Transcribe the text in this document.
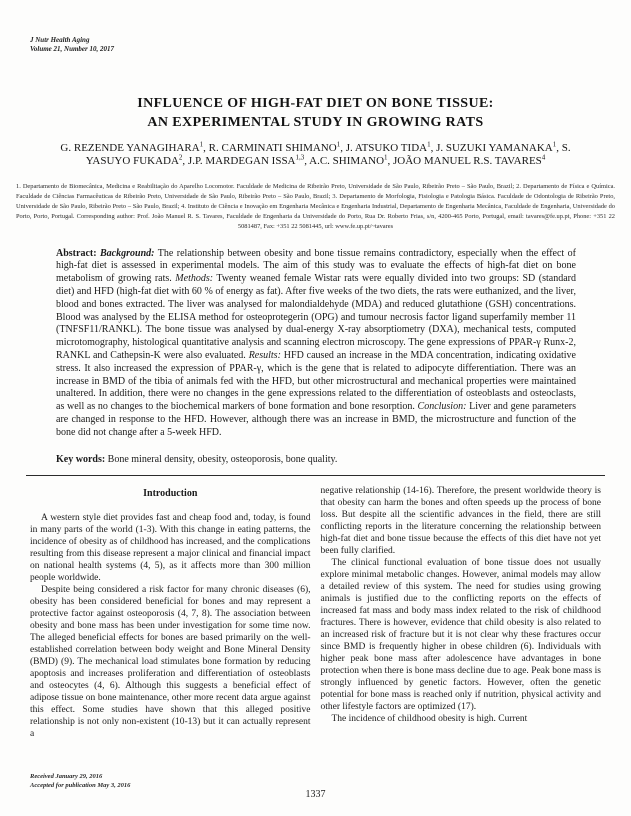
J Nutr Health Aging
Volume 21, Number 10, 2017
INFLUENCE OF HIGH-FAT DIET ON BONE TISSUE:
AN EXPERIMENTAL STUDY IN GROWING RATS
G. REZENDE YANAGIHARA$^1$, R. CARMINATI SHIMANO$^1$, J. ATSUKO TIDA$^1$, J. SUZUKI YAMANAKA$^1$, S. YASUYO FUKADA$^2$, J.P. MARDEGAN ISSA$^{1,3}$, A.C. SHIMANO$^1$, JOÃO MANUEL R.S. TAVARES$^4$
1. Departamento de Biomecânica, Medicina e Reabilitação do Aparelho Locomotor. Faculdade de Medicina de Ribeirão Preto, Universidade de São Paulo, Ribeirão Preto – São Paulo, Brazil; 2. Departamento de Física e Química. Faculdade de Ciências Farmacêuticas de Ribeirão Preto, Universidade de São Paulo, Ribeirão Preto – São Paulo, Brazil; 3. Departamento de Morfologia, Fisiologia e Patologia Básica. Faculdade de Odontologia de Ribeirão Preto, Universidade de São Paulo, Ribeirão Preto – São Paulo, Brazil; 4. Instituto de Ciência e Inovação em Engenharia Mecânica e Engenharia Industrial, Departamento de Engenharia Mecânica, Faculdade de Engenharia, Universidade do Porto, Porto, Portugal. Corresponding author: Prof. João Manuel R. S. Tavares, Faculdade de Engenharia da Universidade do Porto, Rua Dr. Roberto Frias, s/n, 4200-465 Porto, Portugal, email: tavares@fe.up.pt, Phone: +351 22 5081487, Fax: +351 22 5081445, url: www.fe.up.pt/~tavares
Abstract: Background: The relationship between obesity and bone tissue remains contradictory, especially when the effect of high-fat diet is assessed in experimental models. The aim of this study was to evaluate the effects of high-fat diet on bone metabolism of growing rats. Methods: Twenty weaned female Wistar rats were equally divided into two groups: SD (standard diet) and HFD (high-fat diet with 60 % of energy as fat). After five weeks of the two diets, the rats were euthanized, and the liver, blood and bones extracted. The liver was analysed for malondialdehyde (MDA) and reduced glutathione (GSH) concentrations. Blood was analysed by the ELISA method for osteoprotegerin (OPG) and tumour necrosis factor ligand superfamily member 11 (TNFSF11/RANKL). The bone tissue was analysed by dual-energy X-ray absorptiometry (DXA), mechanical tests, computed microtomography, histological quantitative analysis and scanning electron microscopy. The gene expressions of PPAR-γ Runx-2, RANKL and Cathepsin-K were also evaluated. Results: HFD caused an increase in the MDA concentration, indicating oxidative stress. It also increased the expression of PPAR-γ, which is the gene that is related to adipocyte differentiation. There was an increase in BMD of the tibia of animals fed with the HFD, but other microstructural and mechanical properties were maintained unaltered. In addition, there were no changes in the gene expressions related to the differentiation of osteoblasts and osteoclasts, as well as no changes to the biochemical markers of bone formation and bone resorption. Conclusion: Liver and gene parameters are changed in response to the HFD. However, although there was an increase in BMD, the microstructure and function of the bone did not change after a 5-week HFD.
Key words: Bone mineral density, obesity, osteoporosis, bone quality.
Introduction

A western style diet provides fast and cheap food and, today, is found in many parts of the world (1-3). With this change in eating patterns, the incidence of obesity as of childhood has increased, and the complications resulting from this disease represent a major clinical and financial impact on national health systems (4, 5), as it affects more than 300 million people worldwide.

Despite being considered a risk factor for many chronic diseases (6), obesity has been considered beneficial for bones and may represent a protective factor against osteoporosis (4, 7, 8). The association between obesity and bone mass has been under investigation for some time now. The alleged beneficial effects for bones are based primarily on the well-established correlation between body weight and Bone Mineral Density (BMD) (9). The mechanical load stimulates bone formation by reducing apoptosis and increases proliferation and differentiation of osteoblasts and osteocytes (4, 6). Although this suggests a beneficial effect of adipose tissue on bone maintenance, other more recent data argue against this effect. Some studies have shown that this alleged positive relationship is not only non-existent (10-13) but it can actually represent a

negative relationship (14-16). Therefore, the present worldwide theory is that obesity can harm the bones and often speeds up the process of bone loss. But despite all the scientific advances in the field, there are still conflicting reports in the literature concerning the relationship between high-fat diet and bone tissue because the effects of this diet have not yet been fully clarified.

The clinical functional evaluation of bone tissue does not usually explore minimal metabolic changes. However, animal models may allow a detailed review of this system. The need for studies using growing animals is justified due to the conflicting reports on the effects of increased fat mass and body mass index related to the risk of childhood fractures. There is however, evidence that child obesity is also related to an increased risk of fracture but it is not clear why these fractures occur since BMD is frequently higher in obese children (6). Individuals with higher peak bone mass after adolescence have advantages in bone protection when there is bone mass decline due to age. Peak bone mass is strongly influenced by genetic factors. However, often the genetic potential for bone mass is reached only if nutrition, physical activity and other lifestyle factors are optimized (17).

The incidence of childhood obesity is high. Current

Received January 29, 2016
Accepted for publication May 3, 2016
1337
